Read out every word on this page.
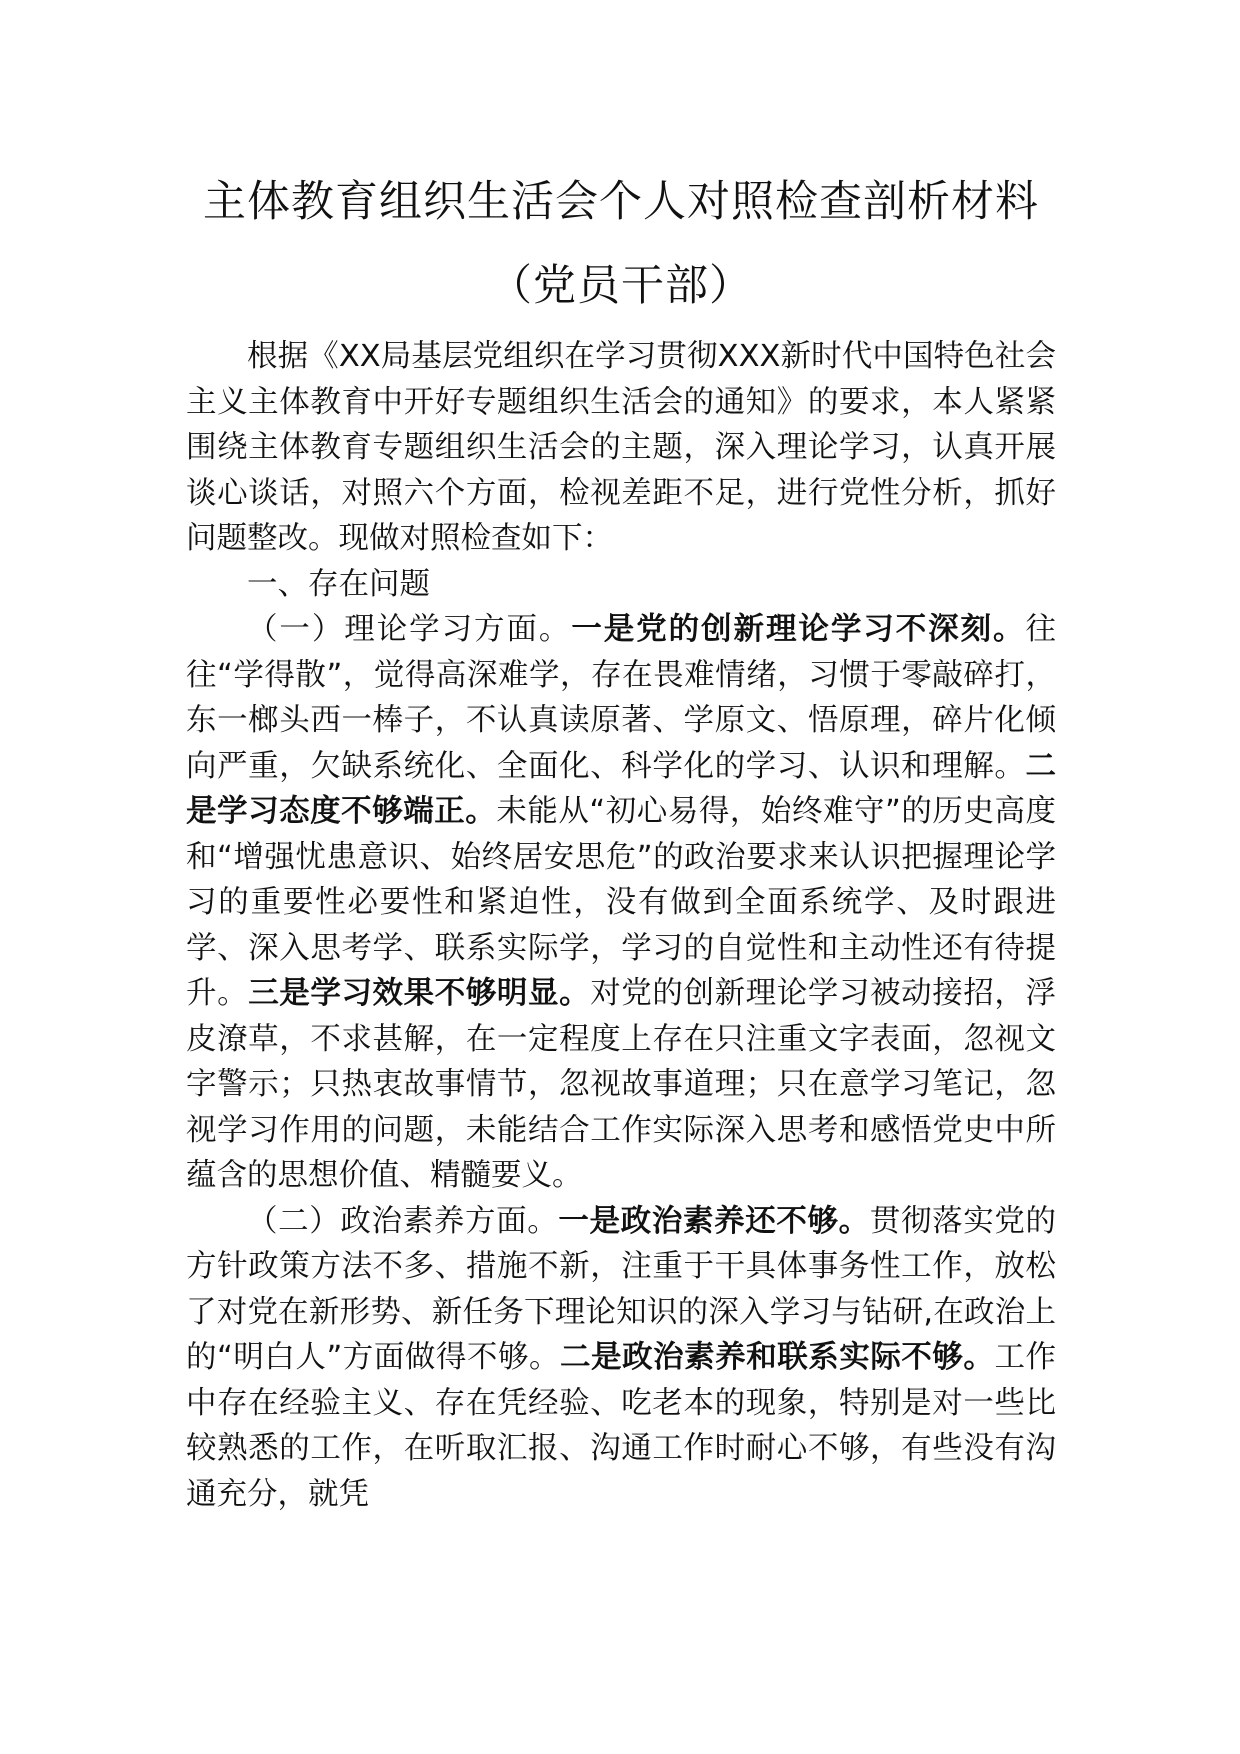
主体教育组织生活会个人对照检查剖析材料（党员干部）

根据《XX局基层党组织在学习贯彻XXX新时代中国特色社会主义主体教育中开好专题组织生活会的通知》的要求，本人紧紧围绕主体教育专题组织生活会的主题，深入理论学习，认真开展谈心谈话，对照六个方面，检视差距不足，进行党性分析，抓好问题整改。现做对照检查如下：

一、存在问题

（一）理论学习方面。一是党的创新理论学习不深刻。往往“学得散”，觉得高深难学，存在畏难情绪，习惯于零敲碎打，东一榔头西一棒子，不认真读原著、学原文、悟原理，碎片化倾向严重，欠缺系统化、全面化、科学化的学习、认识和理解。二是学习态度不够端正。未能从“初心易得，始终难守”的历史高度和“增强忧患意识、始终居安思危”的政治要求来认识把握理论学习的重要性必要性和紧迫性，没有做到全面系统学、及时跟进学、深入思考学、联系实际学，学习的自觉性和主动性还有待提升。三是学习效果不够明显。对党的创新理论学习被动接招，浮皮潦草，不求甚解，在一定程度上存在只注重文字表面，忽视文字警示；只热衷故事情节，忽视故事道理；只在意学习笔记，忽视学习作用的问题，未能结合工作实际深入思考和感悟党史中所蕴含的思想价值、精髓要义。

（二）政治素养方面。一是政治素养还不够。贯彻落实党的方针政策方法不多、措施不新，注重于干具体事务性工作，放松了对党在新形势、新任务下理论知识的深入学习与钻研,在政治上的“明白人”方面做得不够。二是政治素养和联系实际不够。工作中存在经验主义、存在凭经验、吃老本的现象，特别是对一些比较熟悉的工作，在听取汇报、沟通工作时耐心不够，有些没有沟通充分，就凭
